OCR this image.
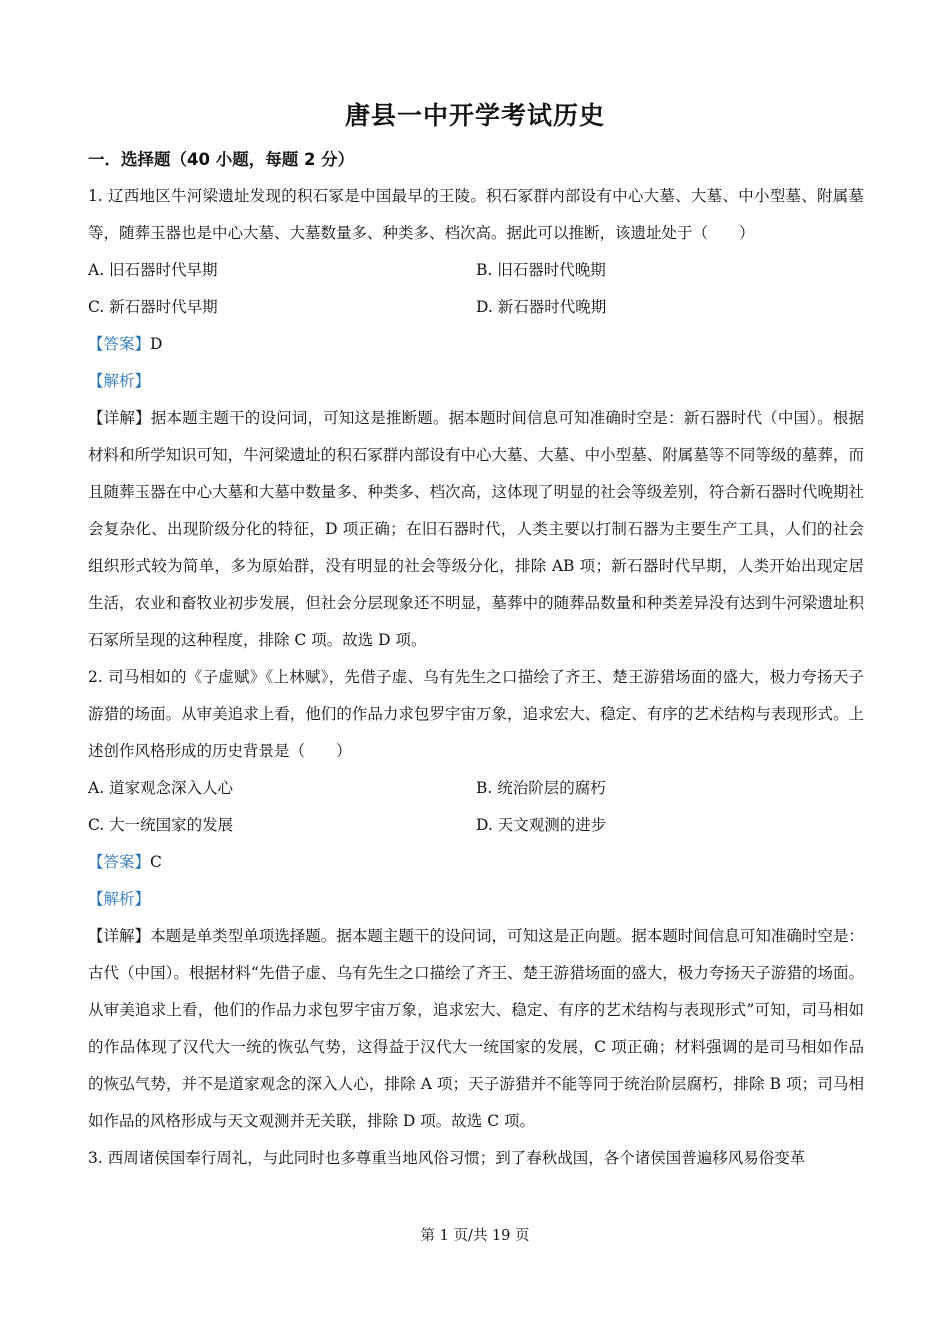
唐县一中开学考试历史
一．选择题（40 小题，每题 2 分）

1. 辽西地区牛河梁遗址发现的积石冢是中国最早的王陵。积石冢群内部设有中心大墓、大墓、中小型墓、附属墓等，随葬玉器也是中心大墓、大墓数量多、种类多、档次高。据此可以推断，该遗址处于（　　）

A. 旧石器时代早期	B. 旧石器时代晚期
C. 新石器时代早期	D. 新石器时代晚期

【答案】D

【解析】

【详解】据本题主题干的设问词，可知这是推断题。据本题时间信息可知准确时空是：新石器时代（中国）。根据材料和所学知识可知，牛河梁遗址的积石冢群内部设有中心大墓、大墓、中小型墓、附属墓等不同等级的墓葬，而且随葬玉器在中心大墓和大墓中数量多、种类多、档次高，这体现了明显的社会等级差别，符合新石器时代晚期社会复杂化、出现阶级分化的特征，D 项正确；在旧石器时代，人类主要以打制石器为主要生产工具，人们的社会组织形式较为简单，多为原始群，没有明显的社会等级分化，排除 AB 项；新石器时代早期，人类开始出现定居生活，农业和畜牧业初步发展，但社会分层现象还不明显，墓葬中的随葬品数量和种类差异没有达到牛河梁遗址积石冢所呈现的这种程度，排除 C 项。故选 D 项。

2. 司马相如的《子虚赋》《上林赋》，先借子虚、乌有先生之口描绘了齐王、楚王游猎场面的盛大，极力夸扬天子游猎的场面。从审美追求上看，他们的作品力求包罗宇宙万象，追求宏大、稳定、有序的艺术结构与表现形式。上述创作风格形成的历史背景是（　　）

A. 道家观念深入人心	B. 统治阶层的腐朽
C. 大一统国家的发展	D. 天文观测的进步

【答案】C

【解析】

【详解】本题是单类型单项选择题。据本题主题干的设问词，可知这是正向题。据本题时间信息可知准确时空是：古代（中国）。根据材料“先借子虚、乌有先生之口描绘了齐王、楚王游猎场面的盛大，极力夸扬天子游猎的场面。从审美追求上看，他们的作品力求包罗宇宙万象，追求宏大、稳定、有序的艺术结构与表现形式”可知，司马相如的作品体现了汉代大一统的恢弘气势，这得益于汉代大一统国家的发展，C 项正确；材料强调的是司马相如作品的恢弘气势，并不是道家观念的深入人心，排除 A 项；天子游猎并不能等同于统治阶层腐朽，排除 B 项；司马相如作品的风格形成与天文观测并无关联，排除 D 项。故选 C 项。

3. 西周诸侯国奉行周礼，与此同时也多尊重当地风俗习惯；到了春秋战国，各个诸侯国普遍移风易俗变革

第 1 页/共 19 页
